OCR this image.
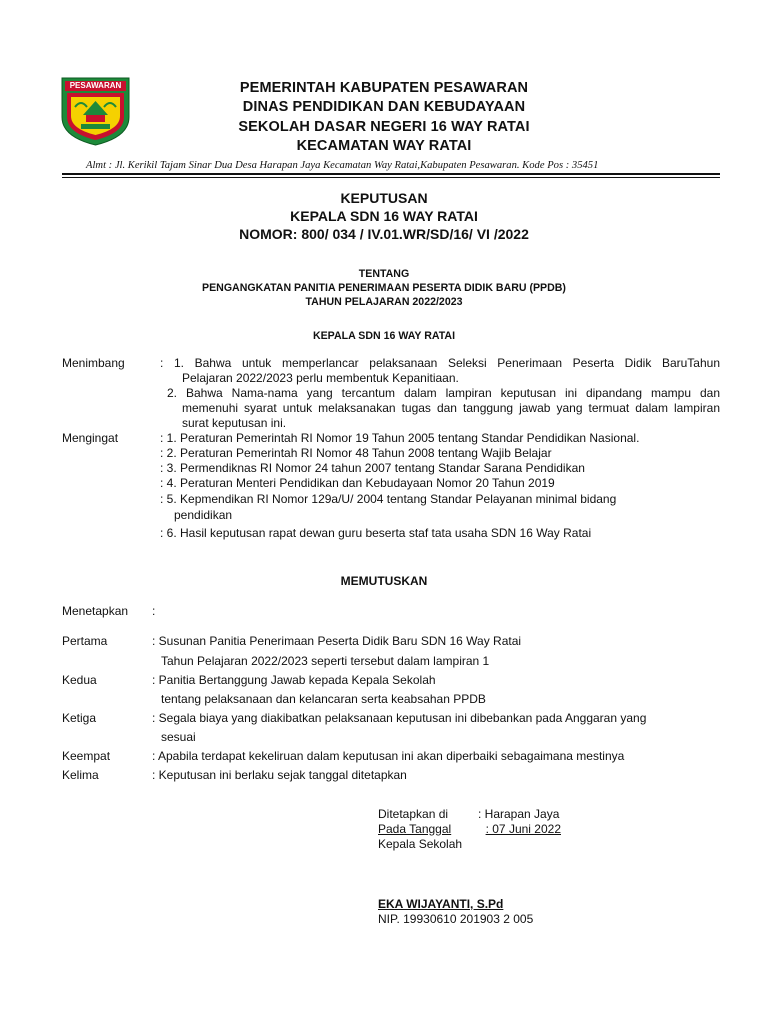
PESAWARAN	PEMERINTAH KABUPATEN PESAWARAN
DINAS PENDIDIKAN DAN KEBUDAYAAN
SEKOLAH DASAR NEGERI 16 WAY RATAI
KECAMATAN WAY RATAI
Almt : Jl. Kerikil Tajam Sinar Dua Desa Harapan Jaya Kecamatan Way Ratai,Kabupaten Pesawaran. Kode Pos : 35451
KEPUTUSAN
KEPALA SDN 16 WAY RATAI
NOMOR: 800/ 034 / IV.01.WR/SD/16/ VI /2022
TENTANG
PENGANGKATAN PANITIA PENERIMAAN PESERTA DIDIK BARU (PPDB)
TAHUN PELAJARAN 2022/2023
KEPALA SDN 16 WAY RATAI
Menimbang	: 1. Bahwa untuk memperlancar pelaksanaan Seleksi Penerimaan Peserta Didik BaruTahun
Pelajaran 2022/2023 perlu membentuk Kepanitiaan.
2. Bahwa Nama-nama yang tercantum dalam lampiran keputusan ini dipandang mampu dan
memenuhi syarat untuk melaksanakan tugas dan tanggung jawab yang termuat dalam lampiran
surat keputusan ini.
Mengingat	: 1. Peraturan Pemerintah RI Nomor 19 Tahun 2005 tentang Standar Pendidikan Nasional.
: 2. Peraturan Pemerintah RI Nomor 48 Tahun 2008 tentang Wajib Belajar
: 3. Permendiknas RI Nomor 24 tahun 2007 tentang Standar Sarana Pendidikan
: 4. Peraturan Menteri Pendidikan dan Kebudayaan Nomor 20 Tahun 2019
: 5. Kepmendikan RI Nomor 129a/U/ 2004 tentang Standar Pelayanan minimal bidang
pendidikan
: 6. Hasil keputusan rapat dewan guru beserta staf tata usaha SDN 16 Way Ratai
MEMUTUSKAN
Menetapkan :
Pertama	: Susunan Panitia Penerimaan Peserta Didik Baru SDN 16 Way Ratai
Tahun Pelajaran 2022/2023 seperti tersebut dalam lampiran 1
Kedua	: Panitia Bertanggung Jawab kepada Kepala Sekolah
tentang pelaksanaan dan kelancaran serta keabsahan PPDB
Ketiga	: Segala biaya yang diakibatkan pelaksanaan keputusan ini dibebankan pada Anggaran yang
sesuai
Keempat	: Apabila terdapat kekeliruan dalam keputusan ini akan diperbaiki sebagaimana mestinya
Kelima	: Keputusan ini berlaku sejak tanggal ditetapkan
Ditetapkan di : Harapan Jaya
Pada Tanggal	: 07 Juni 2022
Kepala Sekolah
EKA WIJAYANTI, S.Pd
NIP. 19930610 201903 2 005
